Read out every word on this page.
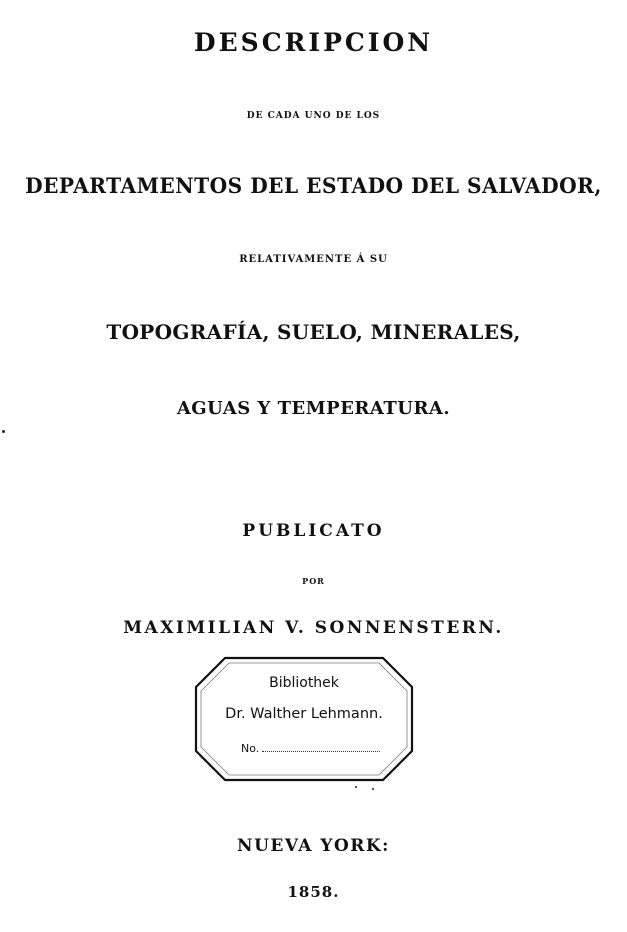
DESCRIPCION
DE CADA UNO DE LOS
DEPARTAMENTOS DEL ESTADO DEL SALVADOR,
RELATIVAMENTE Á SU
TOPOGRAFÍA, SUELO, MINERALES,
AGUAS Y TEMPERATURA.
PUBLICATO
POR
MAXIMILIAN V. SONNENSTERN.
Bibliothek
Dr. Walther Lehmann.
No.
NUEVA YORK:
1858.
